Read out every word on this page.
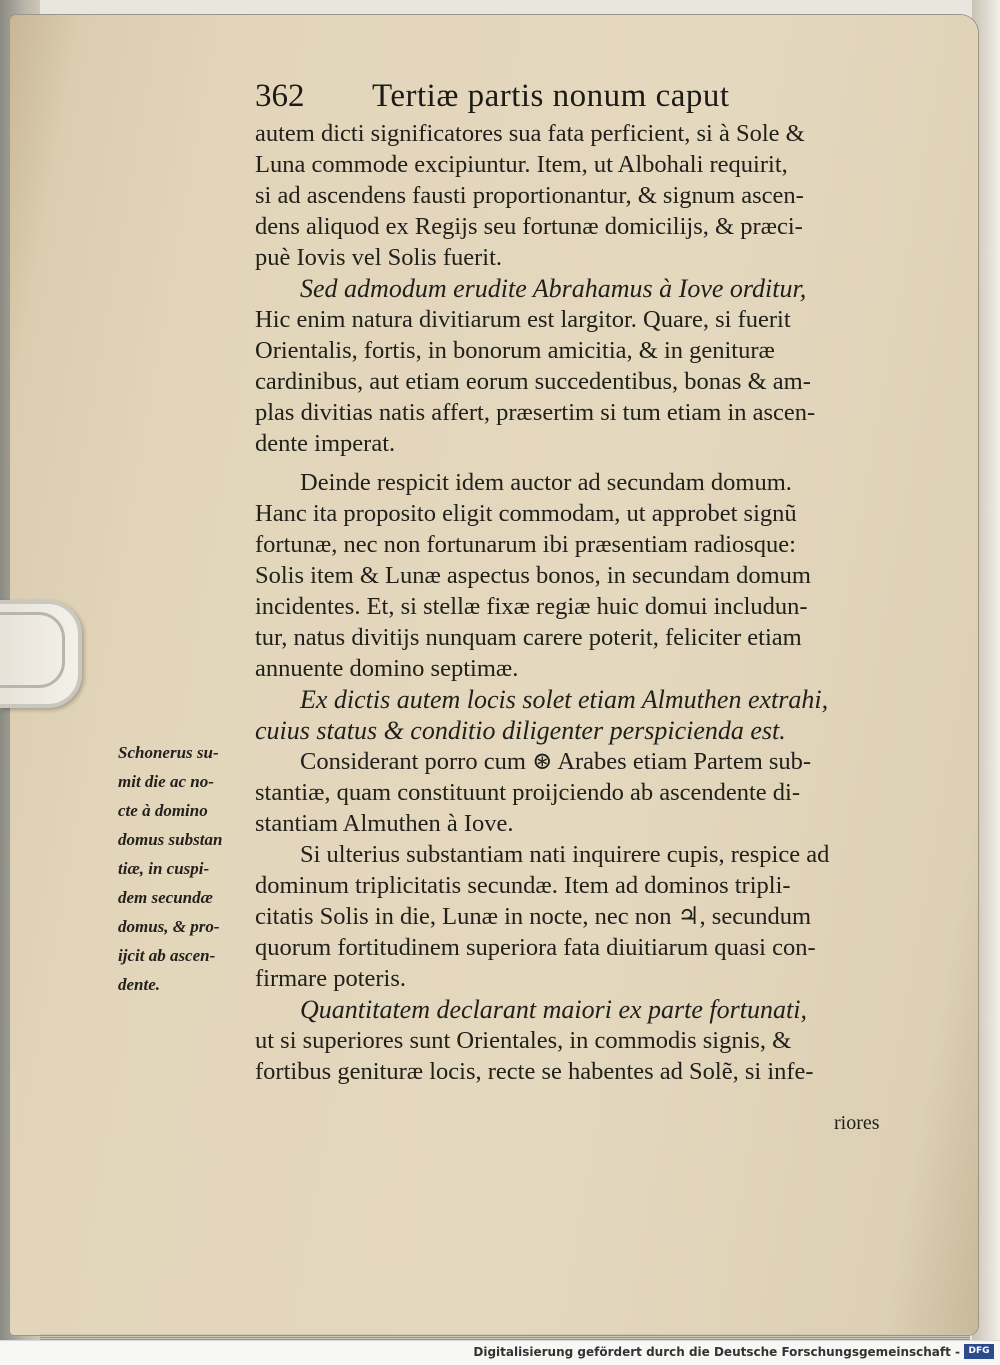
362 Tertiæ partis nonum caput
autem dicti significatores sua fata perficient, si à Sole &
Luna commode excipiuntur. Item, ut Albohali requirit,
si ad ascendens fausti proportionantur, & signum ascen-
dens aliquod ex Regijs seu fortunæ domicilijs, & præci-
puè Iovis vel Solis fuerit.
Sed admodum erudite Abrahamus à Iove orditur,
Hic enim natura divitiarum est largitor. Quare, si fuerit
Orientalis, fortis, in bonorum amicitia, & in genituræ
cardinibus, aut etiam eorum succedentibus, bonas & am-
plas divitias natis affert, præsertim si tum etiam in ascen-
dente imperat.
Deinde respicit idem auctor ad secundam domum.
Hanc ita proposito eligit commodam, ut approbet signũ
fortunæ, nec non fortunarum ibi præsentiam radiosque:
Solis item & Lunæ aspectus bonos, in secundam domum
incidentes. Et, si stellæ fixæ regiæ huic domui includun-
tur, natus divitijs nunquam carere poterit, feliciter etiam
annuente domino septimæ.
Ex dictis autem locis solet etiam Almuthen extrahi,
cuius status & conditio diligenter perspicienda est.
Considerant porro cum ⊛ Arabes etiam Partem sub-
stantiæ, quam constituunt proijciendo ab ascendente di-
stantiam Almuthen à Iove.
Si ulterius substantiam nati inquirere cupis, respice ad
dominum triplicitatis secundæ. Item ad dominos tripli-
citatis Solis in die, Lunæ in nocte, nec non ♃, secundum
quorum fortitudinem superiora fata diuitiarum quasi con-
firmare poteris.
Quantitatem declarant maiori ex parte fortunati,
ut si superiores sunt Orientales, in commodis signis, &
fortibus genituræ locis, recte se habentes ad Solẽ, si infe-
Schonerus su-
mit die ac no-
cte à domino
domus substan
tiæ, in cuspi-
dem secundæ
domus, & pro-
ijcit ab ascen-
dente.
riores
Digitalisierung gefördert durch die Deutsche Forschungsgemeinschaft - DFG
